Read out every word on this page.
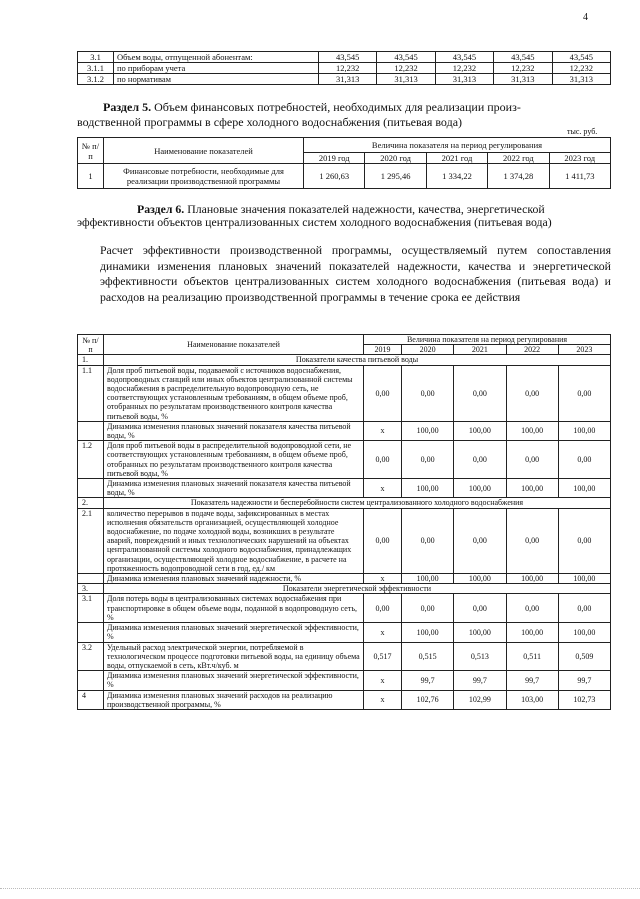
4
3.1	Объем воды, отпущенной абонентам:	43,545	43,545	43,545	43,545	43,545
3.1.1	по приборам учета	12,232	12,232	12,232	12,232	12,232
3.1.2	по нормативам	31,313	31,313	31,313	31,313	31,313
Раздел 5. Объем финансовых потребностей, необходимых для реализации произ-
водственной программы в сфере холодного водоснабжения (питьевая вода)
тыс. руб.
№ п/п	Наименование показателей	Величина показателя на период регулирования				
		2019 год	2020 год	2021 год	2022 год	2023 год
1	Финансовые потребности, необходимые для реализации производственной программы	1 260,63	1 295,46	1 334,22	1 374,28	1 411,73
Раздел 6. Плановые значения показателей надежности, качества, энергетической
эффективности объектов централизованных систем холодного водоснабжения (питьевая вода)
Расчет эффективности производственной программы, осуществляемый путем сопоставления динамики изменения плановых значений показателей надежности, качества и энергетической эффективности объектов централизованных систем холодного водоснабжения (питьевая вода) и расходов на реализацию производственной программы в течение срока ее действия
№ п/п	Наименование показателей	Величина показателя на период регулирования				
		2019	2020	2021	2022	2023
1.	Показатели качества питьевой воды					
1.1	Доля проб питьевой воды, подаваемой с источников водоснабжения, водопроводных станций или иных объектов централизованной системы водоснабжения в распределительную водопроводную сеть, не соответствующих установленным требованиям, в общем объеме проб, отобранных по результатам производственного контроля качества питьевой воды, %	0,00	0,00	0,00	0,00	0,00
	Динамика изменения плановых значений показателя качества питьевой воды, %	х	100,00	100,00	100,00	100,00
1.2	Доля проб питьевой воды в распределительной водопроводной сети, не соответствующих установленным требованиям, в общем объеме проб, отобранных по результатам производственного контроля качества питьевой воды, %	0,00	0,00	0,00	0,00	0,00
	Динамика изменения плановых значений показателя качества питьевой воды, %	х	100,00	100,00	100,00	100,00
2.	Показатель надежности и бесперебойности систем централизованного холодного водоснабжения					
2.1	количество перерывов в подаче воды, зафиксированных в местах исполнения обязательств организацией, осуществляющей холодное водоснабжение, по подаче холодной воды, возникших в результате аварий, повреждений и иных технологических нарушений на объектах централизованной системы холодного водоснабжения, принадлежащих организации, осуществляющей холодное водоснабжение, в расчете на протяженность водопроводной сети в год, ед./ км	0,00	0,00	0,00	0,00	0,00
	Динамика изменения плановых значений надежности, %	х	100,00	100,00	100,00	100,00
3.	Показатели энергетической эффективности					
3.1	Доля потерь воды в централизованных системах водоснабжения при транспортировке в общем объеме воды, поданной в водопроводную сеть, %	0,00	0,00	0,00	0,00	0,00
	Динамика изменения плановых значений энергетической эффективности, %	х	100,00	100,00	100,00	100,00
3.2	Удельный расход электрической энергии, потребляемой в технологическом процессе подготовки питьевой воды, на единицу объема воды, отпускаемой в сеть, кВт.ч/куб. м	0,517	0,515	0,513	0,511	0,509
	Динамика изменения плановых значений энергетической эффективности, %	х	99,7	99,7	99,7	99,7
4	Динамика изменения плановых значений расходов на реализацию производственной программы, %	х	102,76	102,99	103,00	102,73
